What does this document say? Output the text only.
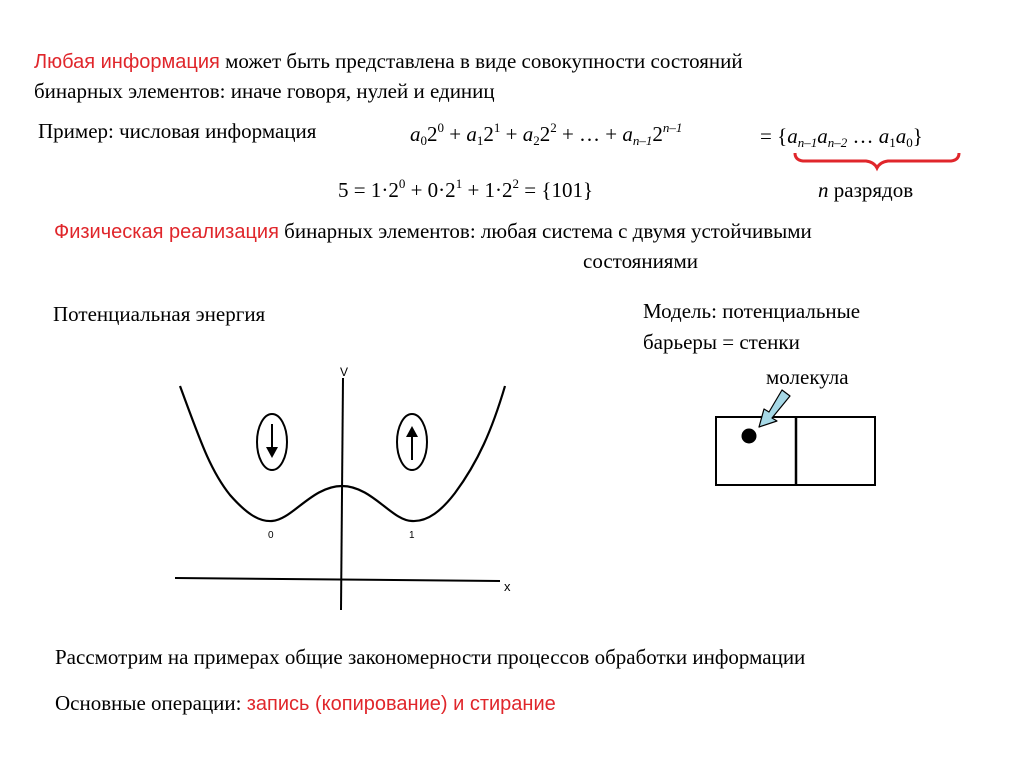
Любая информация может быть представлена в виде совокупности состояний
бинарных элементов: иначе говоря, нулей и единиц
Пример: числовая информация	$a_02^0 + a_12^1 + a_22^2$ + … + $a_{n-1}2^{n-1}$	= {$a_{n-1}a_{n-2}$ … $a_1a_0$}
$5 = 1\cdot 2^0 + 0\cdot 2^1 + 1\cdot 2^2 = \{101\}$	n разрядов
Физическая реализация бинарных элементов: любая система с двумя устойчивыми
состояниями
Потенциальная энергия	Модель: потенциальные
барьеры = стенки
молекула
V
x
0	1
Рассмотрим на примерах общие закономерности процессов обработки информации
Основные операции: запись (копирование) и стирание
